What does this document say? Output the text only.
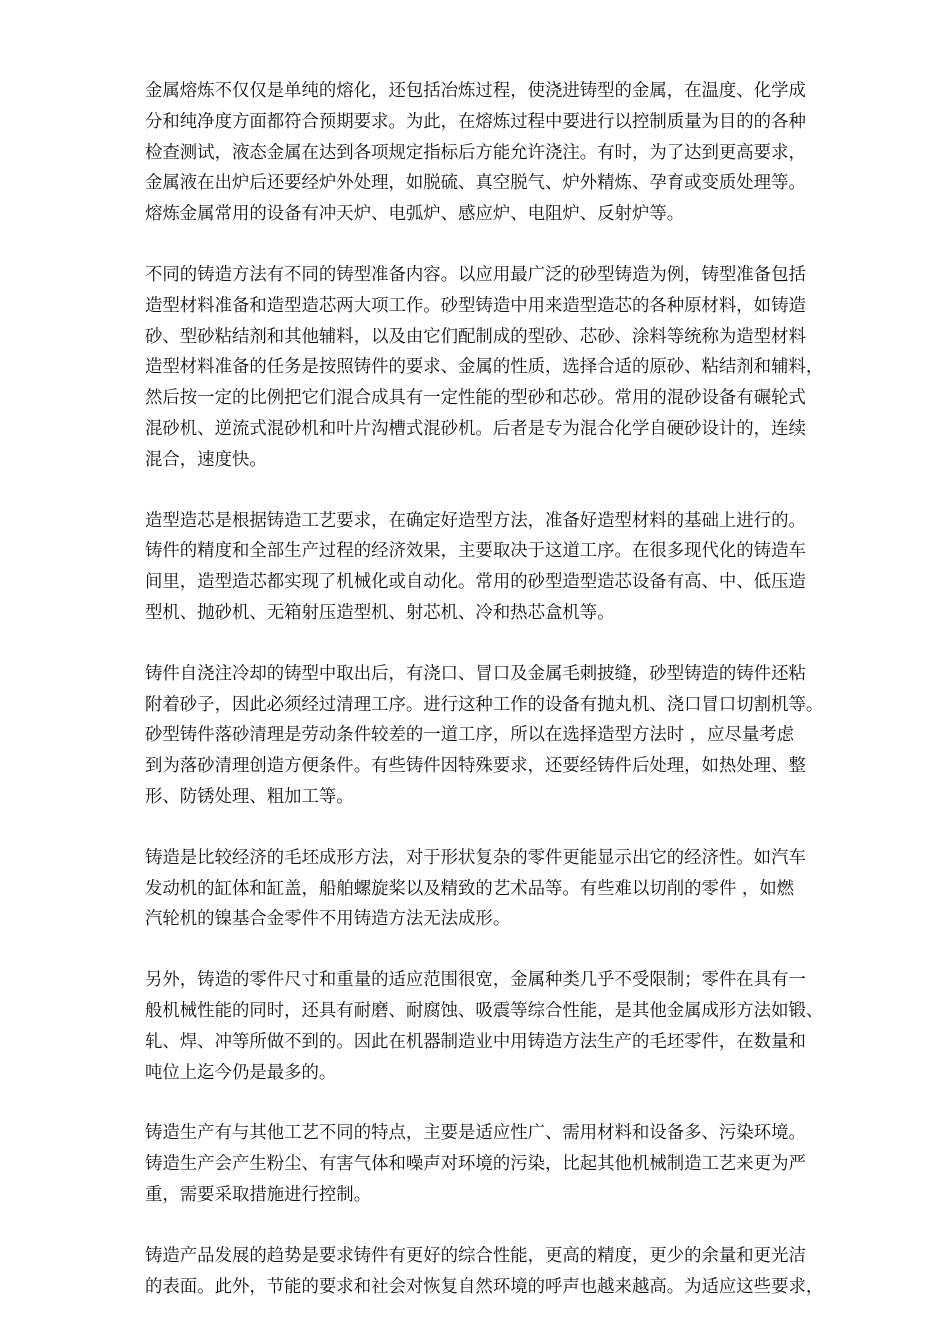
金属熔炼不仅仅是单纯的熔化，还包括冶炼过程，使浇进铸型的金属，在温度、化学成
分和纯净度方面都符合预期要求。为此，在熔炼过程中要进行以控制质量为目的的各种
检查测试，液态金属在达到各项规定指标后方能允许浇注。有时，为了达到更高要求，
金属液在出炉后还要经炉外处理，如脱硫、真空脱气、炉外精炼、孕育或变质处理等。
熔炼金属常用的设备有冲天炉、电弧炉、感应炉、电阻炉、反射炉等。

不同的铸造方法有不同的铸型准备内容。以应用最广泛的砂型铸造为例，铸型准备包括
造型材料准备和造型造芯两大项工作。砂型铸造中用来造型造芯的各种原材料，如铸造
砂、型砂粘结剂和其他辅料，以及由它们配制成的型砂、芯砂、涂料等统称为造型材料
造型材料准备的任务是按照铸件的要求、金属的性质，选择合适的原砂、粘结剂和辅料，
然后按一定的比例把它们混合成具有一定性能的型砂和芯砂。常用的混砂设备有碾轮式
混砂机、逆流式混砂机和叶片沟槽式混砂机。后者是专为混合化学自硬砂设计的，连续
混合，速度快。

造型造芯是根据铸造工艺要求，在确定好造型方法，准备好造型材料的基础上进行的。
铸件的精度和全部生产过程的经济效果，主要取决于这道工序。在很多现代化的铸造车
间里，造型造芯都实现了机械化或自动化。常用的砂型造型造芯设备有高、中、低压造
型机、抛砂机、无箱射压造型机、射芯机、冷和热芯盒机等。

铸件自浇注冷却的铸型中取出后，有浇口、冒口及金属毛刺披缝，砂型铸造的铸件还粘
附着砂子，因此必须经过清理工序。进行这种工作的设备有抛丸机、浇口冒口切割机等。
砂型铸件落砂清理是劳动条件较差的一道工序，所以在选择造型方法时 ，应尽量考虑
到为落砂清理创造方便条件。有些铸件因特殊要求，还要经铸件后处理，如热处理、整
形、防锈处理、粗加工等。

铸造是比较经济的毛坯成形方法，对于形状复杂的零件更能显示出它的经济性。如汽车
发动机的缸体和缸盖，船舶螺旋桨以及精致的艺术品等。有些难以切削的零件 ，如燃
汽轮机的镍基合金零件不用铸造方法无法成形。

另外，铸造的零件尺寸和重量的适应范围很宽，金属种类几乎不受限制；零件在具有一
般机械性能的同时，还具有耐磨、耐腐蚀、吸震等综合性能，是其他金属成形方法如锻、
轧、焊、冲等所做不到的。因此在机器制造业中用铸造方法生产的毛坯零件，在数量和
吨位上迄今仍是最多的。

铸造生产有与其他工艺不同的特点，主要是适应性广、需用材料和设备多、污染环境。
铸造生产会产生粉尘、有害气体和噪声对环境的污染，比起其他机械制造工艺来更为严
重，需要采取措施进行控制。

铸造产品发展的趋势是要求铸件有更好的综合性能，更高的精度，更少的余量和更光洁
的表面。此外，节能的要求和社会对恢复自然环境的呼声也越来越高。为适应这些要求，
